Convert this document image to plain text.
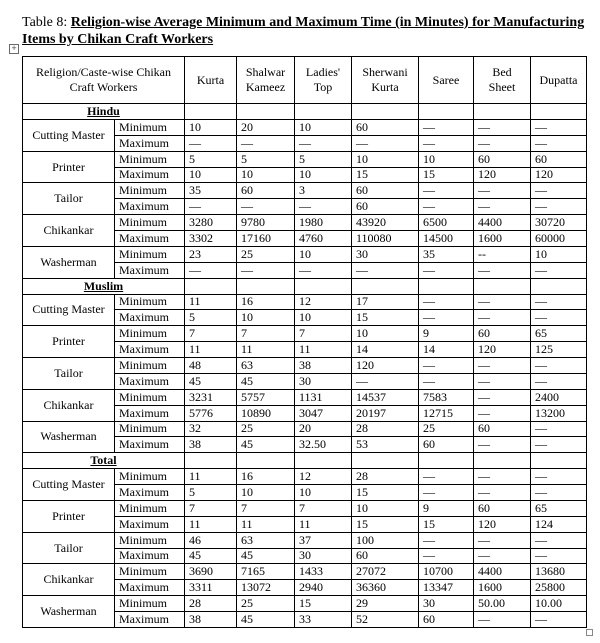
Table 8: Religion-wise Average Minimum and Maximum Time (in Minutes) for Manufacturing Items by Chikan Craft Workers
+
Religion/Caste-wise Chikan Craft Workers		Kurta	Shalwar Kameez	Ladies' Top	Sherwani Kurta	Saree	Bed Sheet	Dupatta
Hindu								
Cutting Master	Minimum	10	20	10	60	—	—	—
	Maximum	—	—	—	—	—	—	—
Printer	Minimum	5	5	5	10	10	60	60
	Maximum	10	10	10	15	15	120	120
Tailor	Minimum	35	60	3	60	—	—	—
	Maximum	—	—	—	60	—	—	—
Chikankar	Minimum	3280	9780	1980	43920	6500	4400	30720
	Maximum	3302	17160	4760	110080	14500	1600	60000
Washerman	Minimum	23	25	10	30	35	--	10
	Maximum	—	—	—	—	—	—	—
Muslim								
Cutting Master	Minimum	11	16	12	17	—	—	—
	Maximum	5	10	10	15	—	—	—
Printer	Minimum	7	7	7	10	9	60	65
	Maximum	11	11	11	14	14	120	125
Tailor	Minimum	48	63	38	120	—	—	—
	Maximum	45	45	30	—	—	—	—
Chikankar	Minimum	3231	5757	1131	14537	7583	—	2400
	Maximum	5776	10890	3047	20197	12715	—	13200
Washerman	Minimum	32	25	20	28	25	60	—
	Maximum	38	45	32.50	53	60	—	—
Total								
Cutting Master	Minimum	11	16	12	28	—	—	—
	Maximum	5	10	10	15	—	—	—
Printer	Minimum	7	7	7	10	9	60	65
	Maximum	11	11	11	15	15	120	124
Tailor	Minimum	46	63	37	100	—	—	—
	Maximum	45	45	30	60	—	—	—
Chikankar	Minimum	3690	7165	1433	27072	10700	4400	13680
	Maximum	3311	13072	2940	36360	13347	1600	25800
Washerman	Minimum	28	25	15	29	30	50.00	10.00
	Maximum	38	45	33	52	60	—	—
